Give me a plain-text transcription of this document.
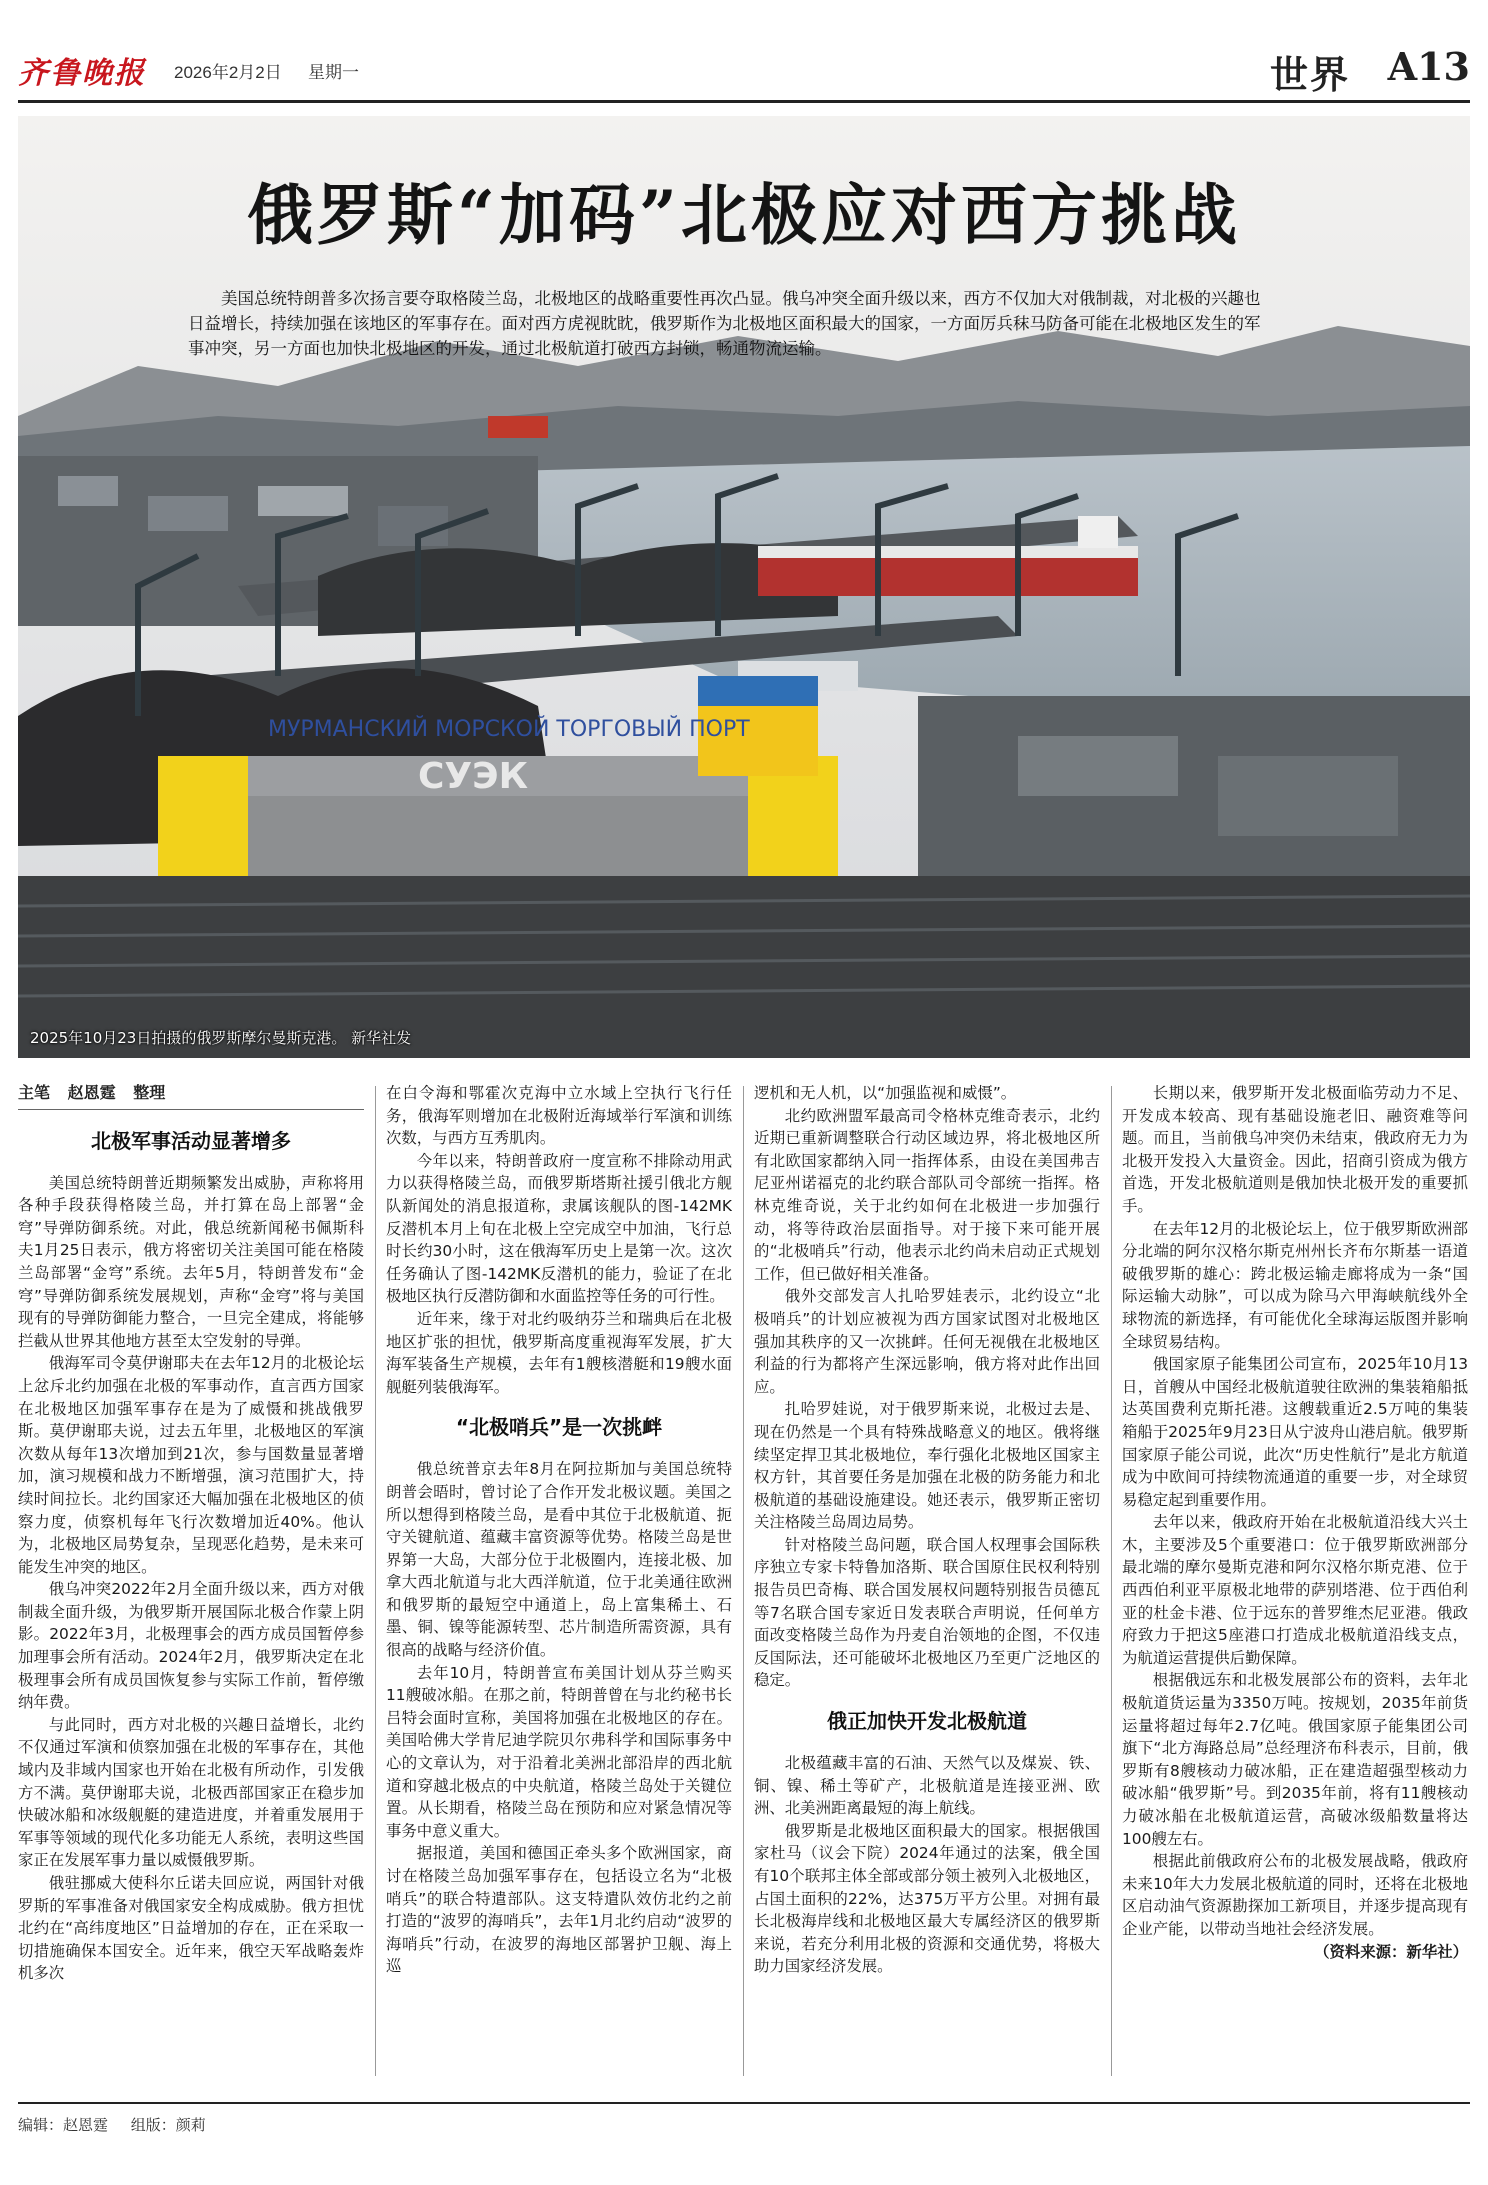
齐鲁晚报 2026年2月2日 星期一	世界 A13
МУРМАНСКИЙ МОРСКОЙ ТОРГОВЫЙ ПОРТ
СУЭК
俄罗斯“加码”北极应对西方挑战

美国总统特朗普多次扬言要夺取格陵兰岛，北极地区的战略重要性再次凸显。俄乌冲突全面升级以来，西方不仅加大对俄制裁，对北极的兴趣也日益增长，持续加强在该地区的军事存在。面对西方虎视眈眈，俄罗斯作为北极地区面积最大的国家，一方面厉兵秣马防备可能在北极地区发生的军事冲突，另一方面也加快北极地区的开发，通过北极航道打破西方封锁，畅通物流运输。

2025年10月23日拍摄的俄罗斯摩尔曼斯克港。 新华社发
主笔 赵恩霆 整理
北极军事活动显著增多

美国总统特朗普近期频繁发出威胁，声称将用各种手段获得格陵兰岛，并打算在岛上部署“金穹”导弹防御系统。对此，俄总统新闻秘书佩斯科夫1月25日表示，俄方将密切关注美国可能在格陵兰岛部署“金穹”系统。去年5月，特朗普发布“金穹”导弹防御系统发展规划，声称“金穹”将与美国现有的导弹防御能力整合，一旦完全建成，将能够拦截从世界其他地方甚至太空发射的导弹。

俄海军司令莫伊谢耶夫在去年12月的北极论坛上忿斥北约加强在北极的军事动作，直言西方国家在北极地区加强军事存在是为了威慑和挑战俄罗斯。莫伊谢耶夫说，过去五年里，北极地区的军演次数从每年13次增加到21次，参与国数量显著增加，演习规模和战力不断增强，演习范围扩大，持续时间拉长。北约国家还大幅加强在北极地区的侦察力度，侦察机每年飞行次数增加近40%。他认为，北极地区局势复杂，呈现恶化趋势，是未来可能发生冲突的地区。

俄乌冲突2022年2月全面升级以来，西方对俄制裁全面升级，为俄罗斯开展国际北极合作蒙上阴影。2022年3月，北极理事会的西方成员国暂停参加理事会所有活动。2024年2月，俄罗斯决定在北极理事会所有成员国恢复参与实际工作前，暂停缴纳年费。

与此同时，西方对北极的兴趣日益增长，北约不仅通过军演和侦察加强在北极的军事存在，其他域内及非域内国家也开始在北极有所动作，引发俄方不满。莫伊谢耶夫说，北极西部国家正在稳步加快破冰船和冰级舰艇的建造进度，并着重发展用于军事等领域的现代化多功能无人系统，表明这些国家正在发展军事力量以威慑俄罗斯。

俄驻挪威大使科尔丘诺夫回应说，两国针对俄罗斯的军事准备对俄国家安全构成威胁。俄方担忧北约在“高纬度地区”日益增加的存在，正在采取一切措施确保本国安全。近年来，俄空天军战略轰炸机多次

在白令海和鄂霍次克海中立水域上空执行飞行任务，俄海军则增加在北极附近海域举行军演和训练次数，与西方互秀肌肉。

今年以来，特朗普政府一度宣称不排除动用武力以获得格陵兰岛，而俄罗斯塔斯社援引俄北方舰队新闻处的消息报道称，隶属该舰队的图-142MK反潜机本月上旬在北极上空完成空中加油，飞行总时长约30小时，这在俄海军历史上是第一次。这次任务确认了图-142MK反潜机的能力，验证了在北极地区执行反潜防御和水面监控等任务的可行性。

近年来，缘于对北约吸纳芬兰和瑞典后在北极地区扩张的担忧，俄罗斯高度重视海军发展，扩大海军装备生产规模，去年有1艘核潜艇和19艘水面舰艇列装俄海军。

“北极哨兵”是一次挑衅

俄总统普京去年8月在阿拉斯加与美国总统特朗普会晤时，曾讨论了合作开发北极议题。美国之所以想得到格陵兰岛，是看中其位于北极航道、扼守关键航道、蕴藏丰富资源等优势。格陵兰岛是世界第一大岛，大部分位于北极圈内，连接北极、加拿大西北航道与北大西洋航道，位于北美通往欧洲和俄罗斯的最短空中通道上，岛上富集稀土、石墨、铜、镍等能源转型、芯片制造所需资源，具有很高的战略与经济价值。

去年10月，特朗普宣布美国计划从芬兰购买11艘破冰船。在那之前，特朗普曾在与北约秘书长吕特会面时宣称，美国将加强在北极地区的存在。美国哈佛大学肯尼迪学院贝尔弗科学和国际事务中心的文章认为，对于沿着北美洲北部沿岸的西北航道和穿越北极点的中央航道，格陵兰岛处于关键位置。从长期看，格陵兰岛在预防和应对紧急情况等事务中意义重大。

据报道，美国和德国正牵头多个欧洲国家，商讨在格陵兰岛加强军事存在，包括设立名为“北极哨兵”的联合特遣部队。这支特遣队效仿北约之前打造的“波罗的海哨兵”，去年1月北约启动“波罗的海哨兵”行动，在波罗的海地区部署护卫舰、海上巡

逻机和无人机，以“加强监视和威慑”。

北约欧洲盟军最高司令格林克维奇表示，北约近期已重新调整联合行动区域边界，将北极地区所有北欧国家都纳入同一指挥体系，由设在美国弗吉尼亚州诺福克的北约联合部队司令部统一指挥。格林克维奇说，关于北约如何在北极进一步加强行动，将等待政治层面指导。对于接下来可能开展的“北极哨兵”行动，他表示北约尚未启动正式规划工作，但已做好相关准备。

俄外交部发言人扎哈罗娃表示，北约设立“北极哨兵”的计划应被视为西方国家试图对北极地区强加其秩序的又一次挑衅。任何无视俄在北极地区利益的行为都将产生深远影响，俄方将对此作出回应。

扎哈罗娃说，对于俄罗斯来说，北极过去是、现在仍然是一个具有特殊战略意义的地区。俄将继续坚定捍卫其北极地位，奉行强化北极地区国家主权方针，其首要任务是加强在北极的防务能力和北极航道的基础设施建设。她还表示，俄罗斯正密切关注格陵兰岛周边局势。

针对格陵兰岛问题，联合国人权理事会国际秩序独立专家卡特鲁加洛斯、联合国原住民权利特别报告员巴奇梅、联合国发展权问题特别报告员德瓦等7名联合国专家近日发表联合声明说，任何单方面改变格陵兰岛作为丹麦自治领地的企图，不仅违反国际法，还可能破坏北极地区乃至更广泛地区的稳定。

俄正加快开发北极航道

北极蕴藏丰富的石油、天然气以及煤炭、铁、铜、镍、稀土等矿产，北极航道是连接亚洲、欧洲、北美洲距离最短的海上航线。

俄罗斯是北极地区面积最大的国家。根据俄国家杜马（议会下院）2024年通过的法案，俄全国有10个联邦主体全部或部分领土被列入北极地区，占国土面积的22%，达375万平方公里。对拥有最长北极海岸线和北极地区最大专属经济区的俄罗斯来说，若充分利用北极的资源和交通优势，将极大助力国家经济发展。

长期以来，俄罗斯开发北极面临劳动力不足、开发成本较高、现有基础设施老旧、融资难等问题。而且，当前俄乌冲突仍未结束，俄政府无力为北极开发投入大量资金。因此，招商引资成为俄方首选，开发北极航道则是俄加快北极开发的重要抓手。

在去年12月的北极论坛上，位于俄罗斯欧洲部分北端的阿尔汉格尔斯克州州长齐布尔斯基一语道破俄罗斯的雄心：跨北极运输走廊将成为一条“国际运输大动脉”，可以成为除马六甲海峡航线外全球物流的新选择，有可能优化全球海运版图并影响全球贸易结构。

俄国家原子能集团公司宣布，2025年10月13日，首艘从中国经北极航道驶往欧洲的集装箱船抵达英国费利克斯托港。这艘载重近2.5万吨的集装箱船于2025年9月23日从宁波舟山港启航。俄罗斯国家原子能公司说，此次“历史性航行”是北方航道成为中欧间可持续物流通道的重要一步，对全球贸易稳定起到重要作用。

去年以来，俄政府开始在北极航道沿线大兴土木，主要涉及5个重要港口：位于俄罗斯欧洲部分最北端的摩尔曼斯克港和阿尔汉格尔斯克港、位于西西伯利亚平原极北地带的萨别塔港、位于西伯利亚的杜金卡港、位于远东的普罗维杰尼亚港。俄政府致力于把这5座港口打造成北极航道沿线支点，为航道运营提供后勤保障。

根据俄远东和北极发展部公布的资料，去年北极航道货运量为3350万吨。按规划，2035年前货运量将超过每年2.7亿吨。俄国家原子能集团公司旗下“北方海路总局”总经理济布科表示，目前，俄罗斯有8艘核动力破冰船，正在建造超强型核动力破冰船“俄罗斯”号。到2035年前，将有11艘核动力破冰船在北极航道运营，高破冰级船数量将达100艘左右。

根据此前俄政府公布的北极发展战略，俄政府未来10年大力发展北极航道的同时，还将在北极地区启动油气资源勘探加工新项目，并逐步提高现有企业产能，以带动当地社会经济发展。

（资料来源：新华社）
编辑：赵恩霆 组版：颜莉
